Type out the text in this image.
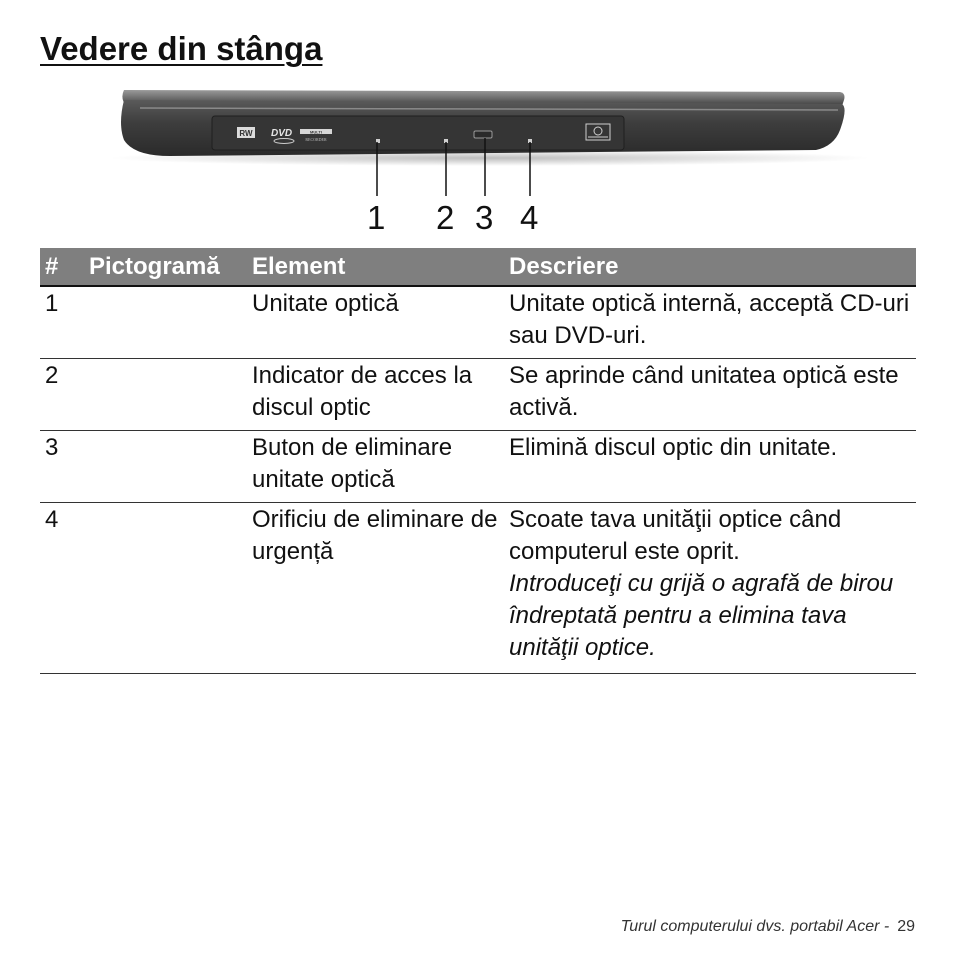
Vedere din stânga
RW DVD	MULTI
RECORDER
1 2 3 4
#	Pictogramă	Element	Descriere
1		Unitate optică	Unitate optică internă, acceptă CD-uri sau DVD-uri.
2		Indicator de acces la discul optic	Se aprinde când unitatea optică este activă.
3		Buton de eliminare unitate optică	Elimină discul optic din unitate.
4		Orificiu de eliminare de urgență	Scoate tava unităţii optice când computerul este oprit.
Introduceţi cu grijă o agrafă de birou îndreptată pentru a elimina tava unităţii optice.
Turul computerului dvs. portabil Acer - 29
